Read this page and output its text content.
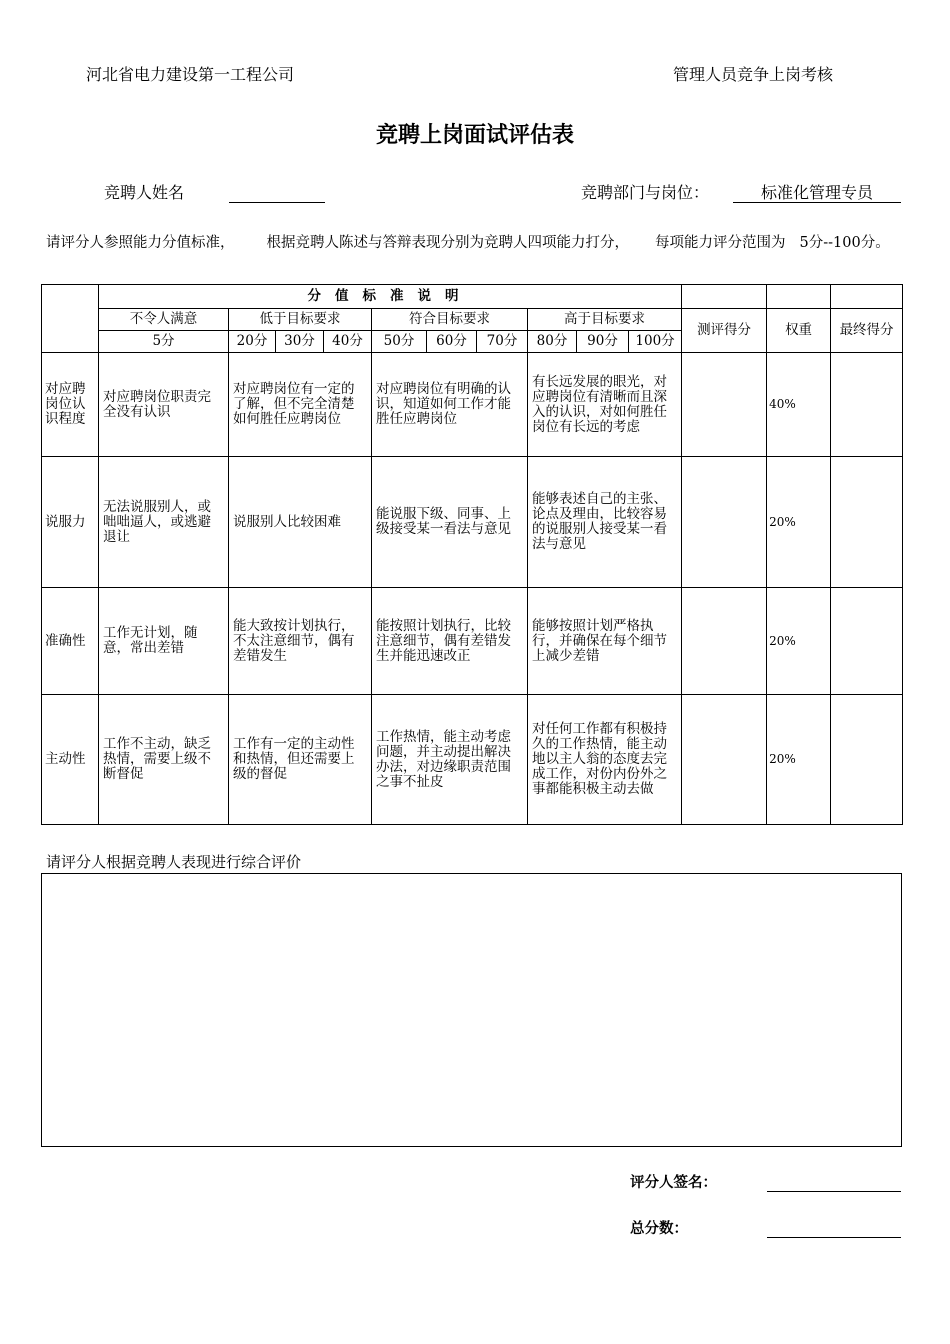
河北省电力建设第一工程公司	管理人员竞争上岗考核
竞聘上岗面试评估表
竞聘人姓名	竞聘部门与岗位：	标准化管理专员
请评分人参照能力分值标准， 根据竞聘人陈述与答辩表现分别为竞聘人四项能力打分， 每项能力评分范围为 5分--100分。
	分值标准说明												
	不令人满意	低于目标要求			符合目标要求			高于目标要求			测评得分	权重	最终得分
	5分	20分	30分	40分	50分	60分	70分	80分	90分	100分			
对应聘岗位认识程度	对应聘岗位职责完全没有认识	对应聘岗位有一定的了解，但不完全清楚如何胜任应聘岗位			对应聘岗位有明确的认识，知道如何工作才能胜任应聘岗位			有长远发展的眼光，对应聘岗位有清晰而且深入的认识，对如何胜任岗位有长远的考虑				40%	
说服力	无法说服别人，或咄咄逼人，或逃避退让	说服别人比较困难			能说服下级、同事、上级接受某一看法与意见			能够表述自己的主张、论点及理由，比较容易的说服别人接受某一看法与意见				20%	
准确性	工作无计划，随意，常出差错	能大致按计划执行，不太注意细节，偶有差错发生			能按照计划执行，比较注意细节，偶有差错发生并能迅速改正			能够按照计划严格执行，并确保在每个细节上减少差错				20%	
主动性	工作不主动，缺乏热情，需要上级不断督促	工作有一定的主动性和热情，但还需要上级的督促			工作热情，能主动考虑问题，并主动提出解决办法，对边缘职责范围之事不扯皮			对任何工作都有积极持久的工作热情，能主动地以主人翁的态度去完成工作，对份内份外之事都能积极主动去做				20%	
请评分人根据竞聘人表现进行综合评价
评分人签名：
总分数：
